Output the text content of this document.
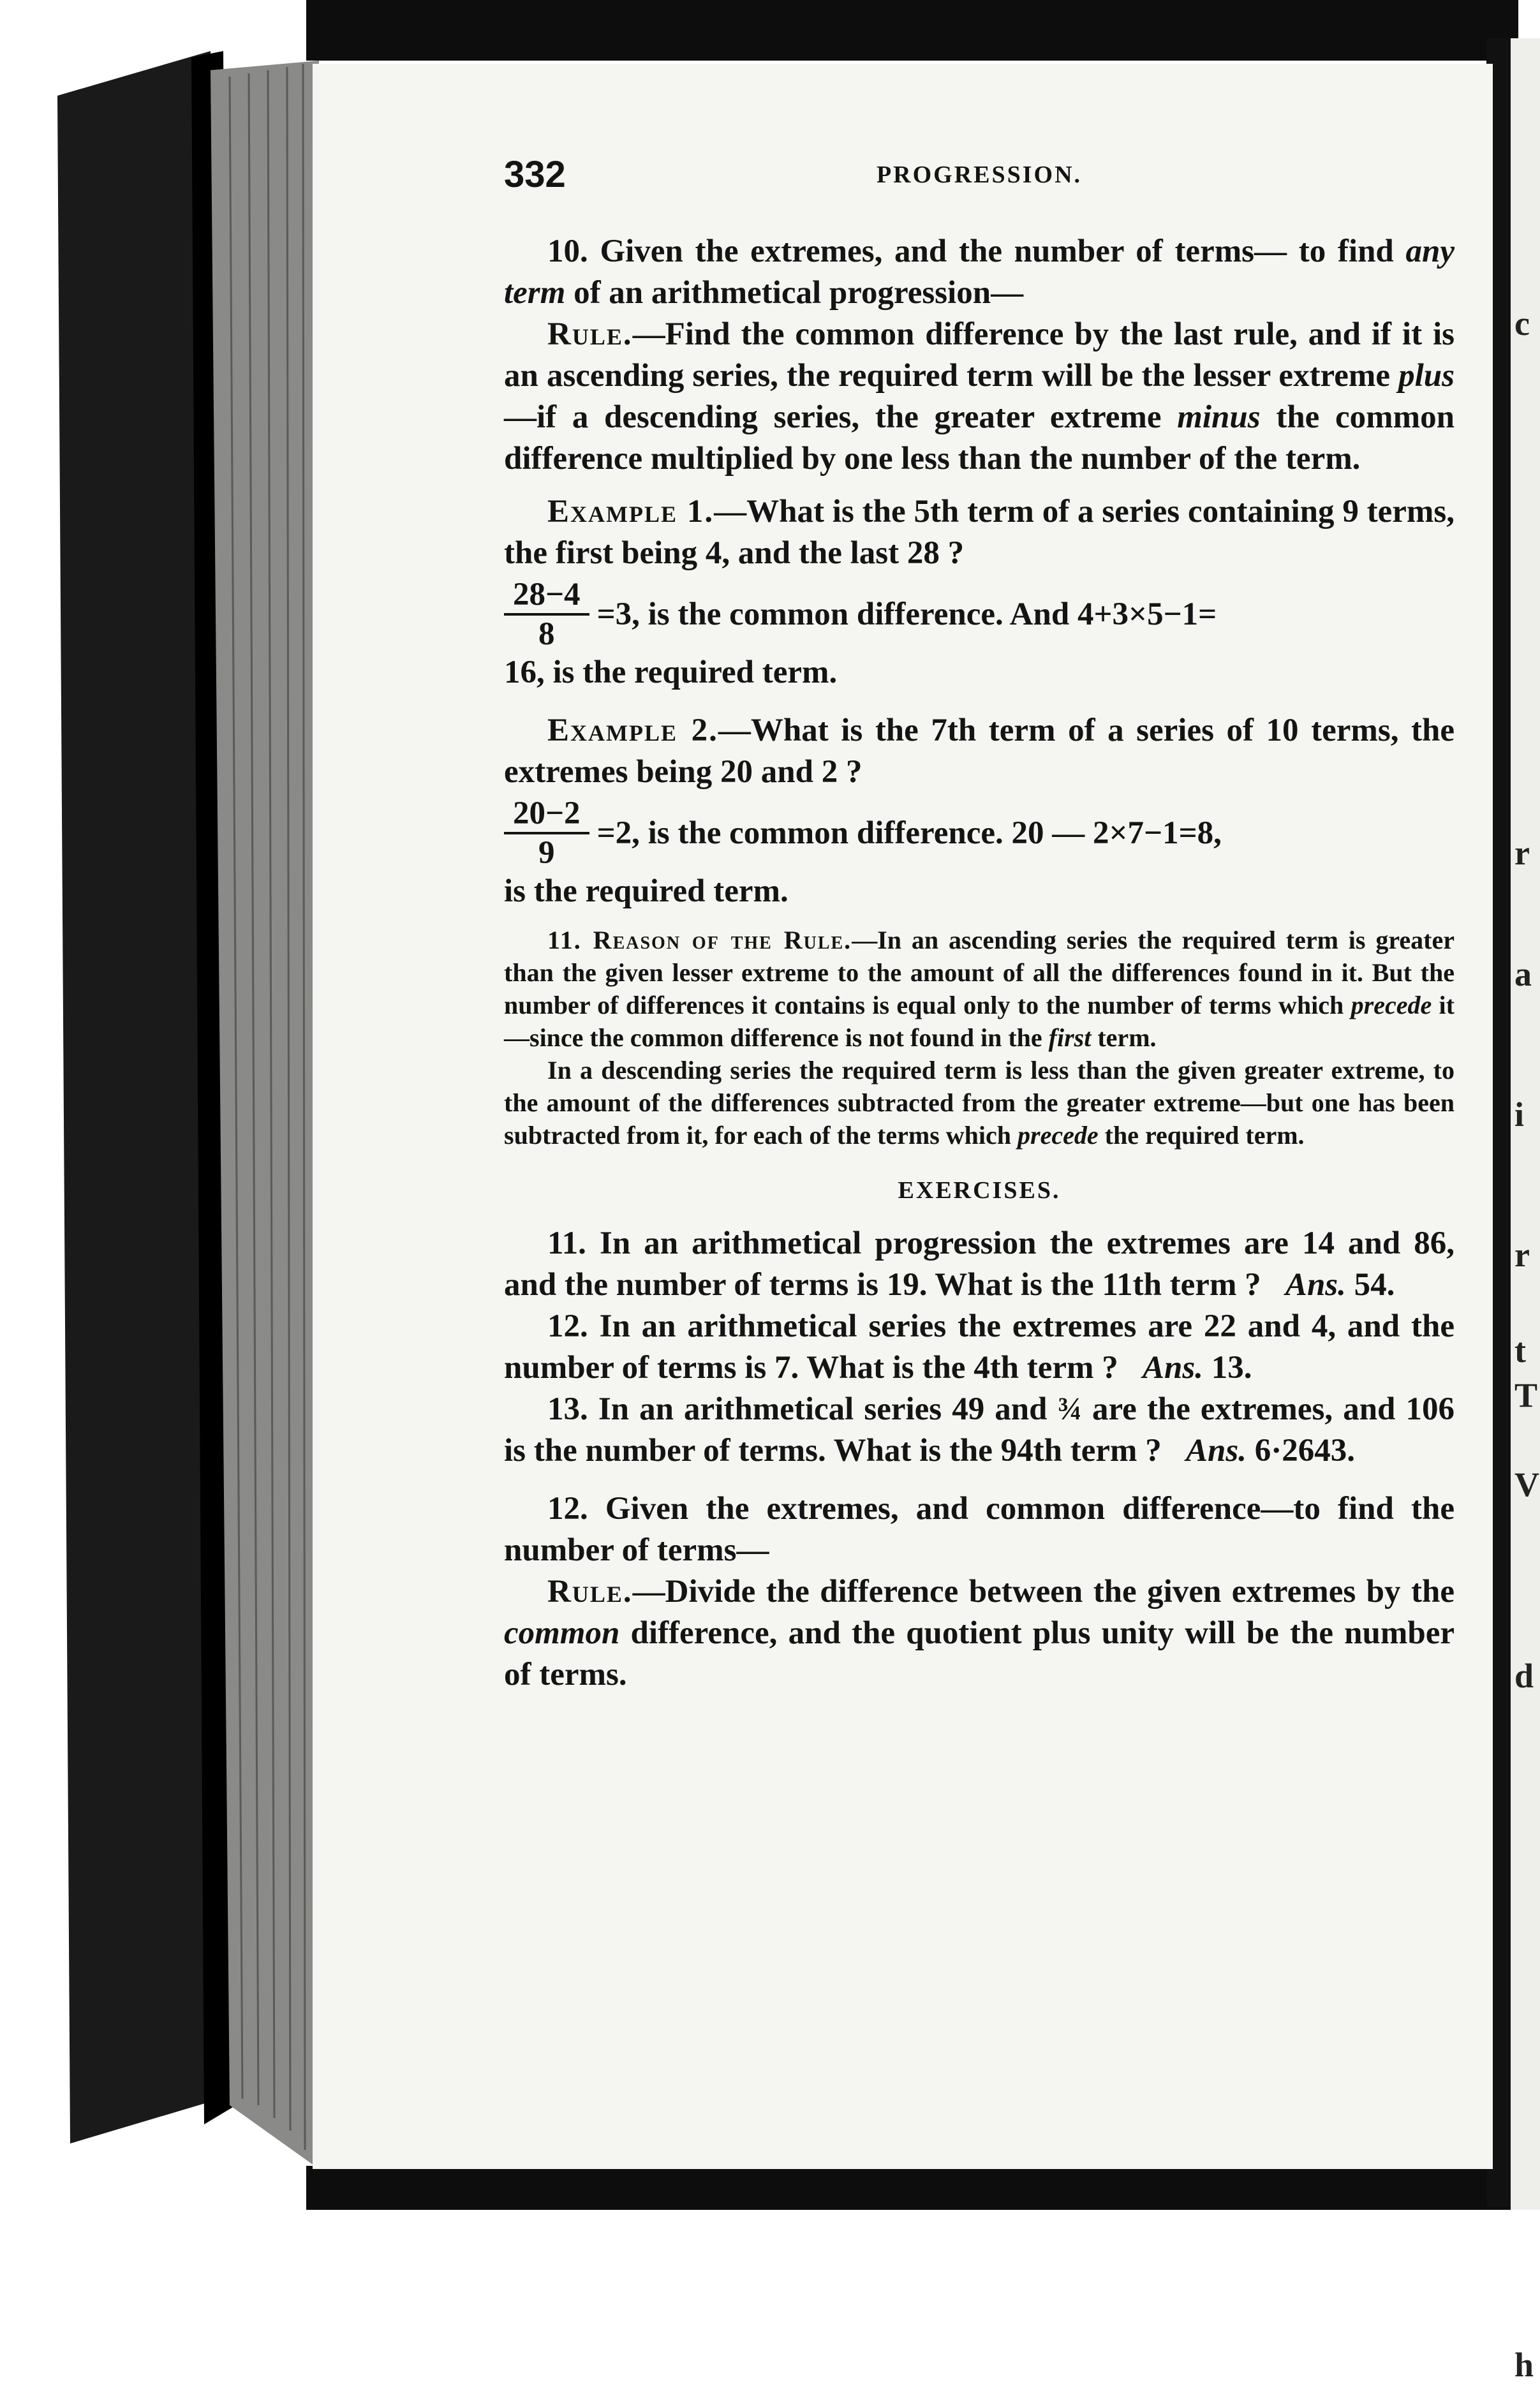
c
r
a
i
r
t
T
V
d
h
332	PROGRESSION.

10. Given the extremes, and the number of terms— to find any term of an arithmetical progression—

Rule.—Find the common difference by the last rule, and if it is an ascending series, the required term will be the lesser extreme plus—if a descending series, the greater extreme minus the common difference multiplied by one less than the number of the term.

Example 1.—What is the 5th term of a series containing 9 terms, the first being 4, and the last 28 ?

$\frac{28-4}{8} =3$, is the common difference. And 4+3×5−1=

16, is the required term.

Example 2.—What is the 7th term of a series of 10 terms, the extremes being 20 and 2 ?

$\frac{20-2}{9} =2$, is the common difference. 20 — 2×7−1=8,

is the required term.

11. Reason of the Rule.—In an ascending series the required term is greater than the given lesser extreme to the amount of all the differences found in it. But the number of differences it contains is equal only to the number of terms which precede it—since the common difference is not found in the first term.

In a descending series the required term is less than the given greater extreme, to the amount of the differences subtracted from the greater extreme—but one has been subtracted from it, for each of the terms which precede the required term.

EXERCISES.

11. In an arithmetical progression the extremes are 14 and 86, and the number of terms is 19. What is the 11th term ? Ans. 54.

12. In an arithmetical series the extremes are 22 and 4, and the number of terms is 7. What is the 4th term ? Ans. 13.

13. In an arithmetical series 49 and ¾ are the extremes, and 106 is the number of terms. What is the 94th term ? Ans. 6·2643.

12. Given the extremes, and common difference—to find the number of terms—

Rule.—Divide the difference between the given extremes by the common difference, and the quotient plus unity will be the number of terms.
